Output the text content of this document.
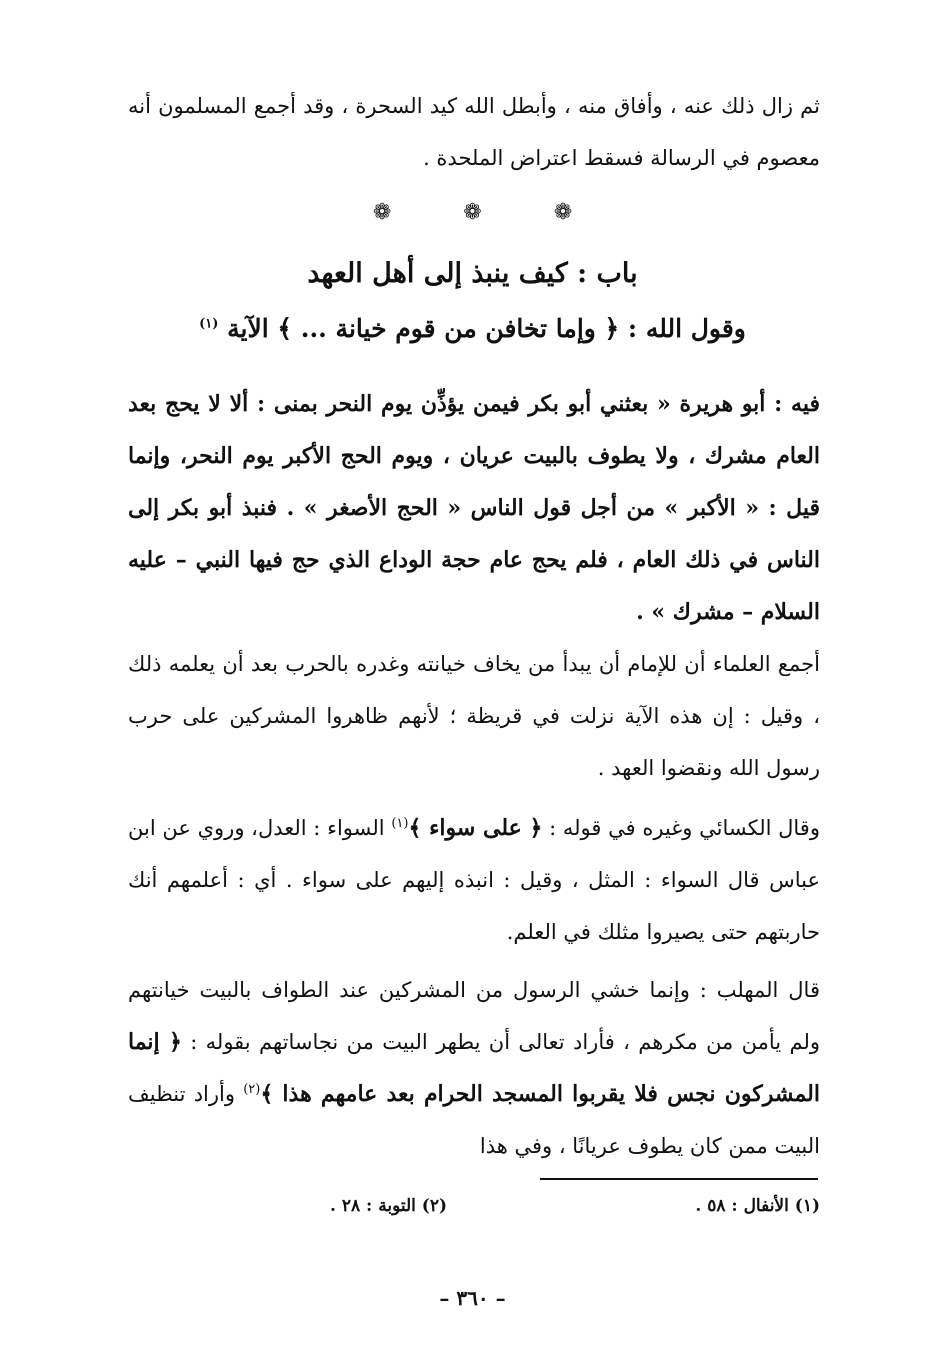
ثم زال ذلك عنه ، وأفاق منه ، وأبطل الله كيد السحرة ، وقد أجمع المسلمون أنه معصوم في الرسالة فسقط اعتراض الملحدة .

❁	❁	❁
باب : كيف ينبذ إلى أهل العهد
وقول الله : ﴿ وإما تخافن من قوم خيانة ... ﴾ الآية $^{(١)}$

فيه : أبو هريرة « بعثني أبو بكر فيمن يؤذِّن يوم النحر بمنى : ألا لا يحج بعد العام مشرك ، ولا يطوف بالبيت عريان ، ويوم الحج الأكبر يوم النحر، وإنما قيل : « الأكبر » من أجل قول الناس « الحج الأصغر » . فنبذ أبو بكر إلى الناس في ذلك العام ، فلم يحج عام حجة الوداع الذي حج فيها النبي – عليه السلام – مشرك » .

أجمع العلماء أن للإمام أن يبدأ من يخاف خيانته وغدره بالحرب بعد أن يعلمه ذلك ، وقيل : إن هذه الآية نزلت في قريظة ؛ لأنهم ظاهروا المشركين على حرب رسول الله ونقضوا العهد .

وقال الكسائي وغيره في قوله : ﴿ على سواء ﴾$^{(١)}$ السواء : العدل، وروي عن ابن عباس قال السواء : المثل ، وقيل : انبذه إليهم على سواء . أي : أعلمهم أنك حاربتهم حتى يصيروا مثلك في العلم.

قال المهلب : وإنما خشي الرسول من المشركين عند الطواف بالبيت خيانتهم ولم يأمن من مكرهم ، فأراد تعالى أن يطهر البيت من نجاساتهم بقوله : ﴿ إنما المشركون نجس فلا يقربوا المسجد الحرام بعد عامهم هذا ﴾$^{(٢)}$ وأراد تنظيف البيت ممن كان يطوف عريانًا ، وفي هذا

(١) الأنفال : ٥٨ .
(٢) التوبة : ٢٨ .
– ٣٦٠ –
